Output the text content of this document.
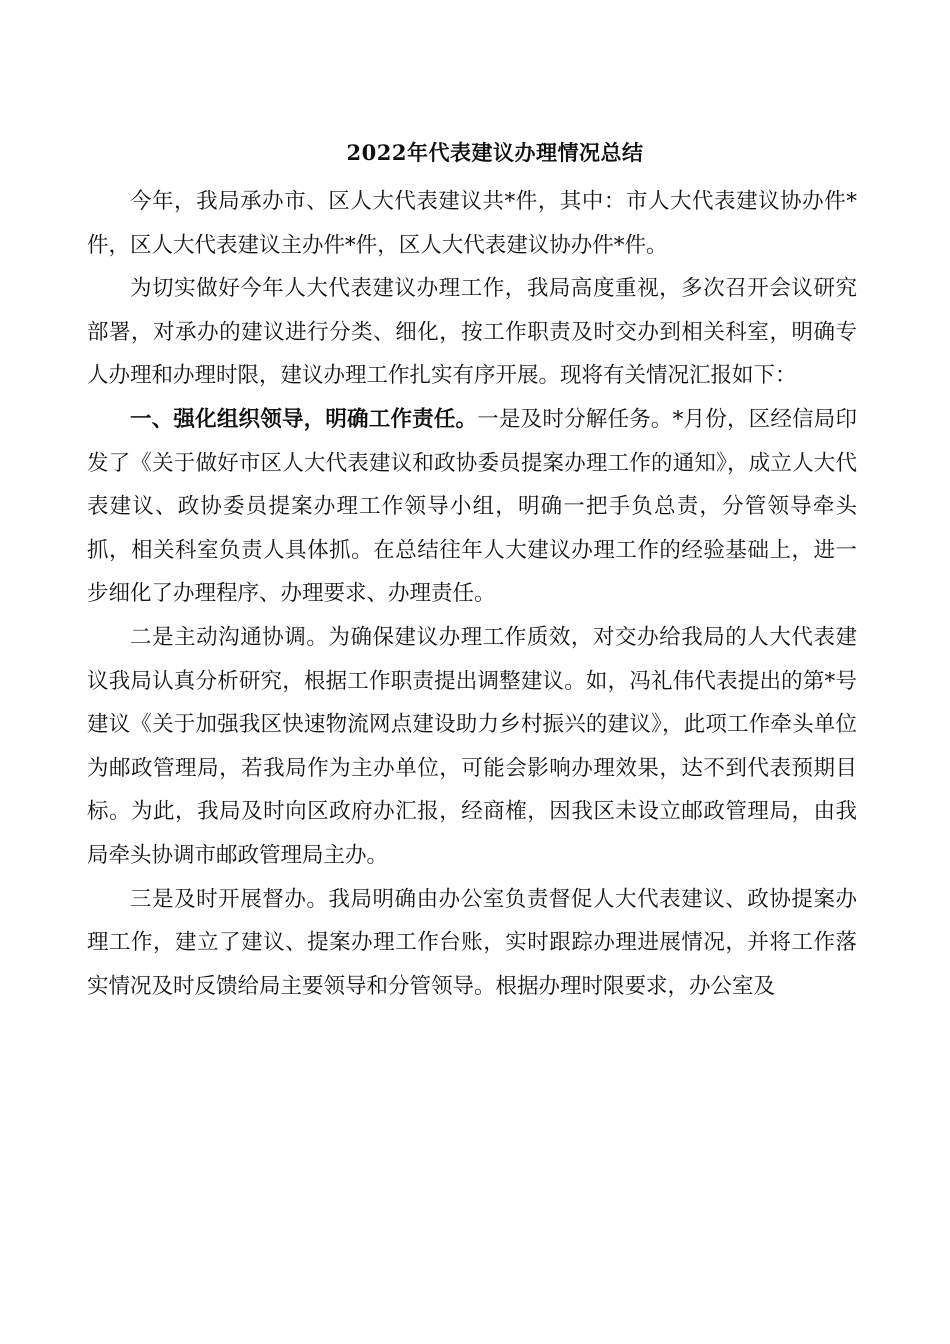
2022年代表建议办理情况总结

今年，我局承办市、区人大代表建议共*件，其中：市人大代表建议协办件*件，区人大代表建议主办件*件，区人大代表建议协办件*件。

为切实做好今年人大代表建议办理工作，我局高度重视，多次召开会议研究部署，对承办的建议进行分类、细化，按工作职责及时交办到相关科室，明确专人办理和办理时限，建议办理工作扎实有序开展。现将有关情况汇报如下：

一、强化组织领导，明确工作责任。一是及时分解任务。*月份，区经信局印发了《关于做好市区人大代表建议和政协委员提案办理工作的通知》，成立人大代表建议、政协委员提案办理工作领导小组，明确一把手负总责，分管领导牵头抓，相关科室负责人具体抓。在总结往年人大建议办理工作的经验基础上，进一步细化了办理程序、办理要求、办理责任。

二是主动沟通协调。为确保建议办理工作质效，对交办给我局的人大代表建议我局认真分析研究，根据工作职责提出调整建议。如，冯礼伟代表提出的第*号建议《关于加强我区快速物流网点建设助力乡村振兴的建议》，此项工作牵头单位为邮政管理局，若我局作为主办单位，可能会影响办理效果，达不到代表预期目标。为此，我局及时向区政府办汇报，经商榷，因我区未设立邮政管理局，由我局牵头协调市邮政管理局主办。

三是及时开展督办。我局明确由办公室负责督促人大代表建议、政协提案办理工作，建立了建议、提案办理工作台账，实时跟踪办理进展情况，并将工作落实情况及时反馈给局主要领导和分管领导。根据办理时限要求，办公室及
